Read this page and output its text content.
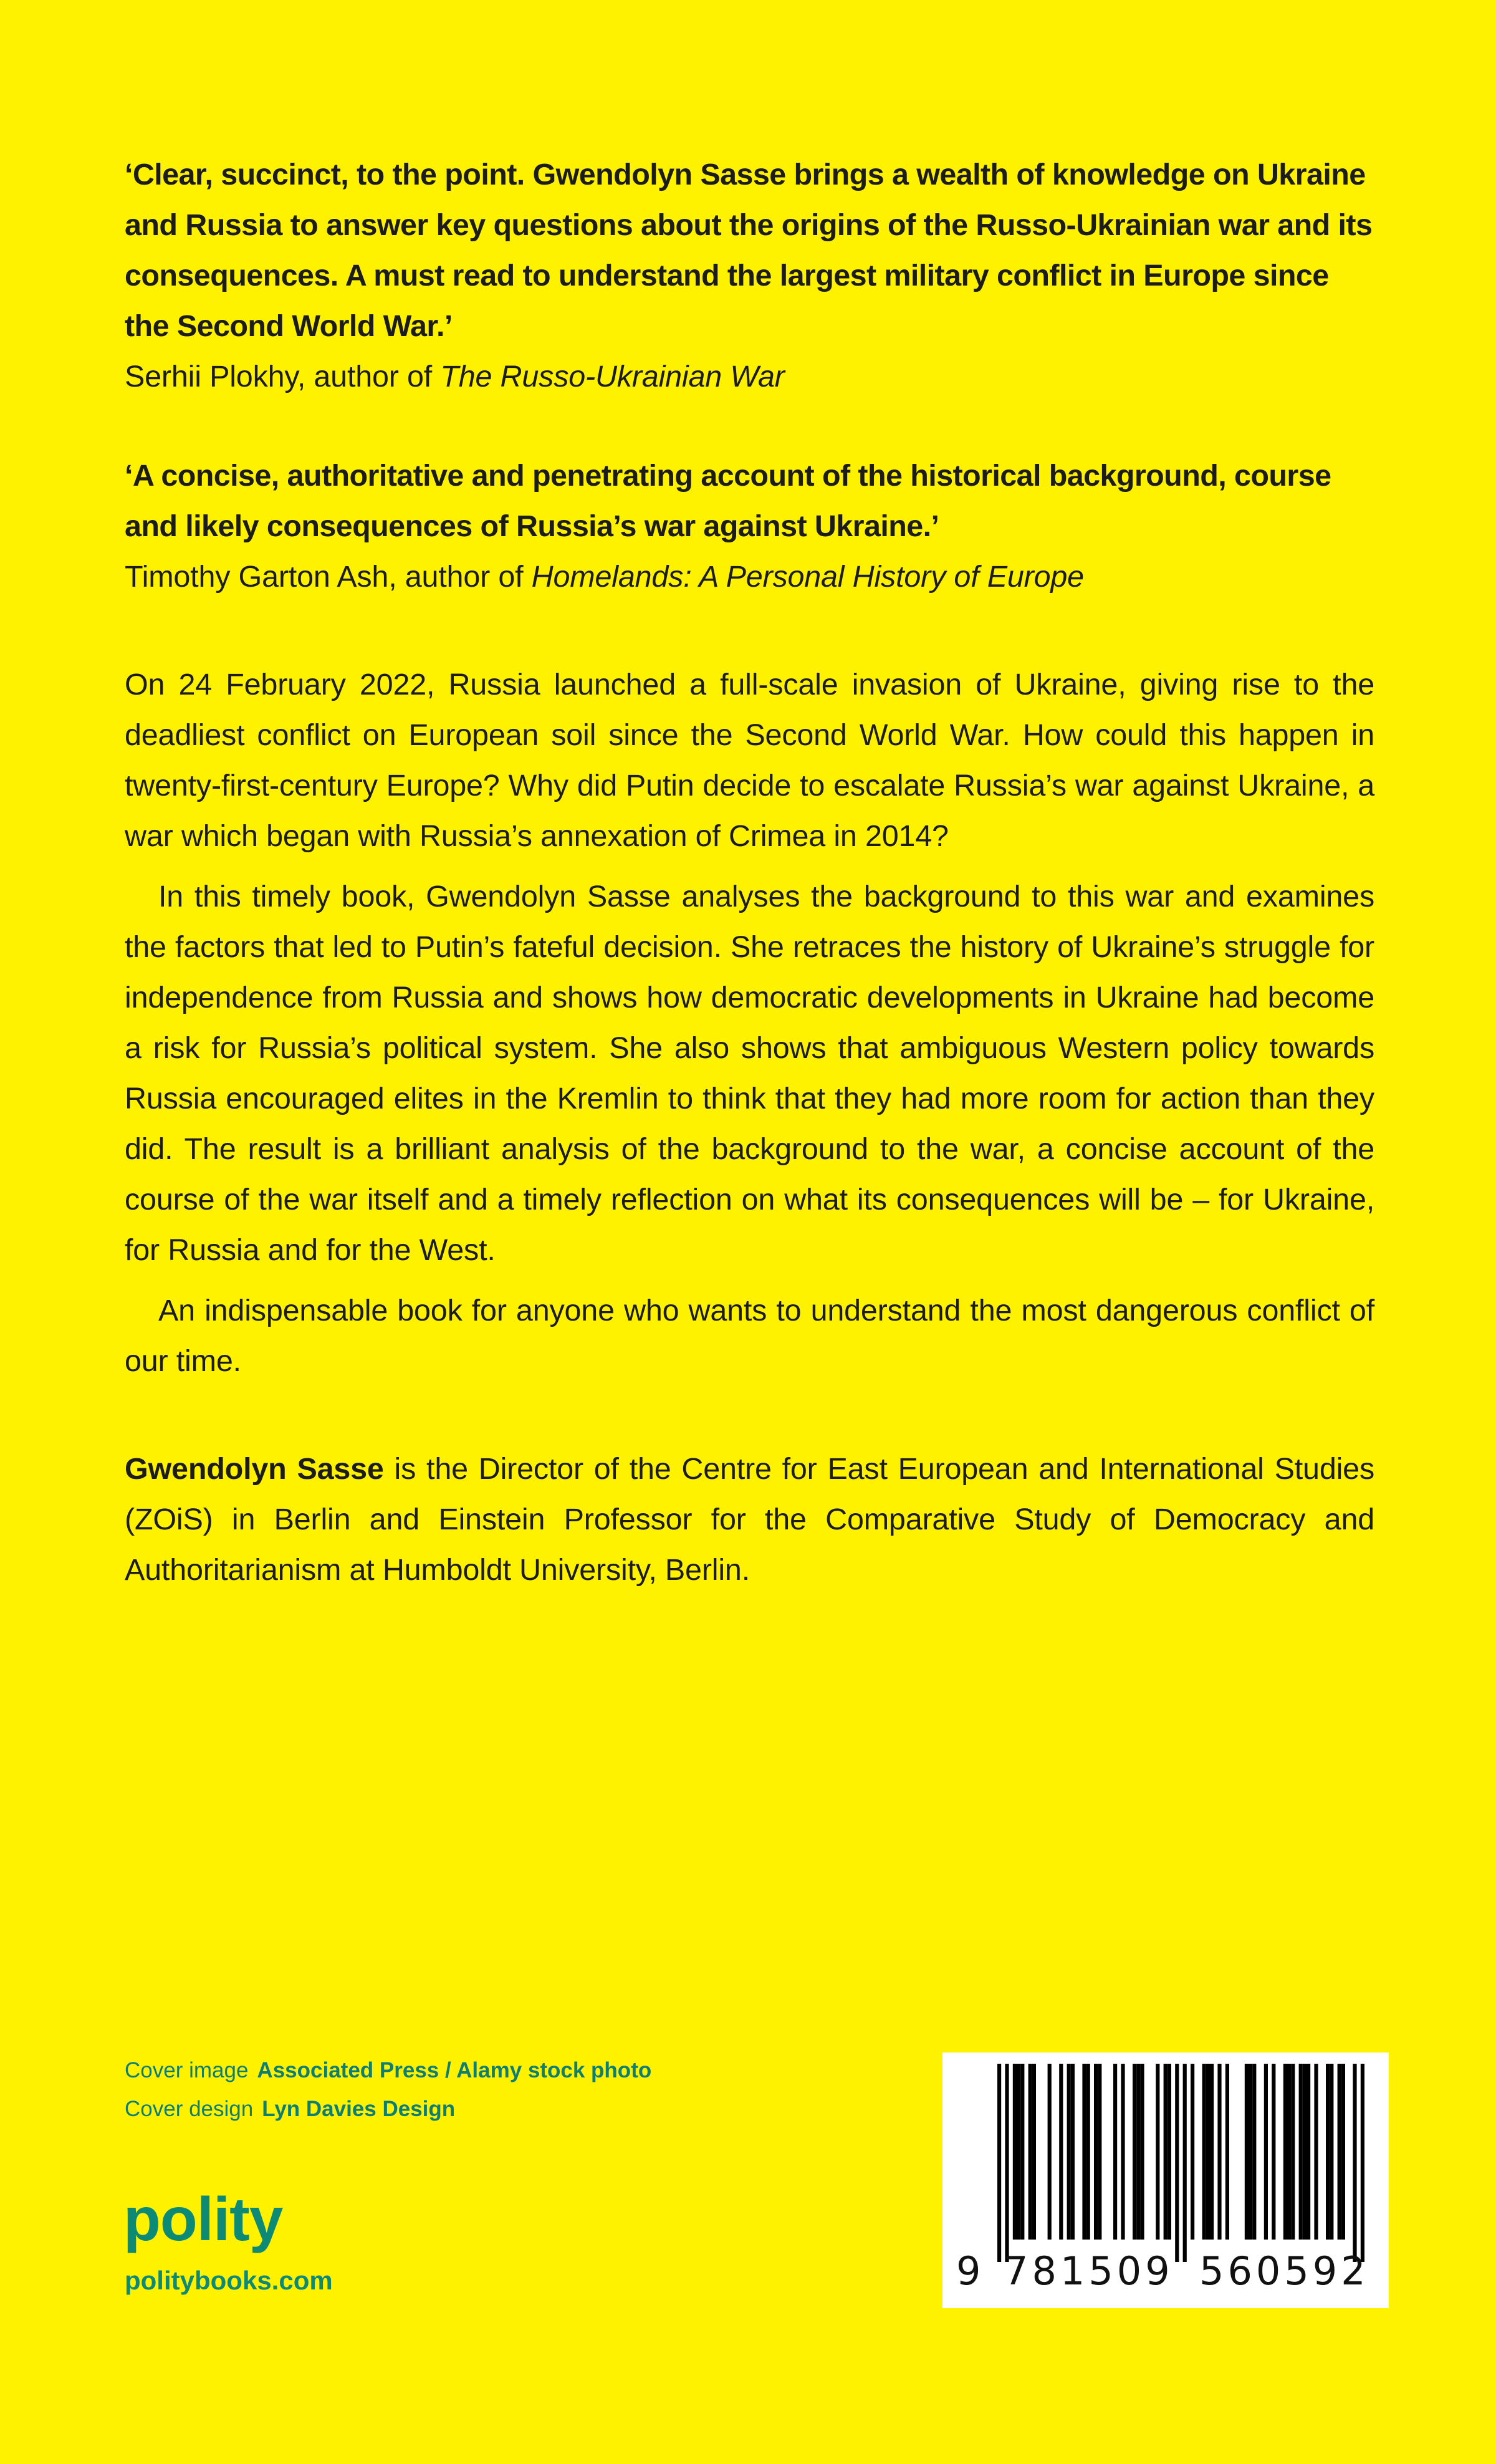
‘Clear, succinct, to the point. Gwendolyn Sasse brings a wealth of knowledge on Ukraine and Russia to answer key questions about the origins of the Russo-Ukrainian war and its consequences. A must read to understand the largest military conflict in Europe since the Second World War.’
Serhii Plokhy, author of The Russo-Ukrainian War

‘A concise, authoritative and penetrating account of the historical background, course and likely consequences of Russia’s war against Ukraine.’
Timothy Garton Ash, author of Homelands: A Personal History of Europe

On 24 February 2022, Russia launched a full-scale invasion of Ukraine, giving rise to the deadliest conflict on European soil since the Second World War. How could this happen in twenty-first-century Europe? Why did Putin decide to escalate Russia’s war against Ukraine, a war which began with Russia’s annexation of Crimea in 2014?

In this timely book, Gwendolyn Sasse analyses the background to this war and examines the factors that led to Putin’s fateful decision. She retraces the history of Ukraine’s struggle for independence from Russia and shows how democratic developments in Ukraine had become a risk for Russia’s political system. She also shows that ambiguous Western policy towards Russia encouraged elites in the Kremlin to think that they had more room for action than they did. The result is a brilliant analysis of the background to the war, a concise account of the course of the war itself and a timely reflection on what its consequences will be – for Ukraine, for Russia and for the West.

An indispensable book for anyone who wants to understand the most dangerous conflict of our time.

Gwendolyn Sasse is the Director of the Centre for East European and International Studies (ZOiS) in Berlin and Einstein Professor for the Comparative Study of Democracy and Authoritarianism at Humboldt University, Berlin.

Cover image Associated Press / Alamy stock photo
Cover design Lyn Davies Design
polity
politybooks.com	9 781509 560592
